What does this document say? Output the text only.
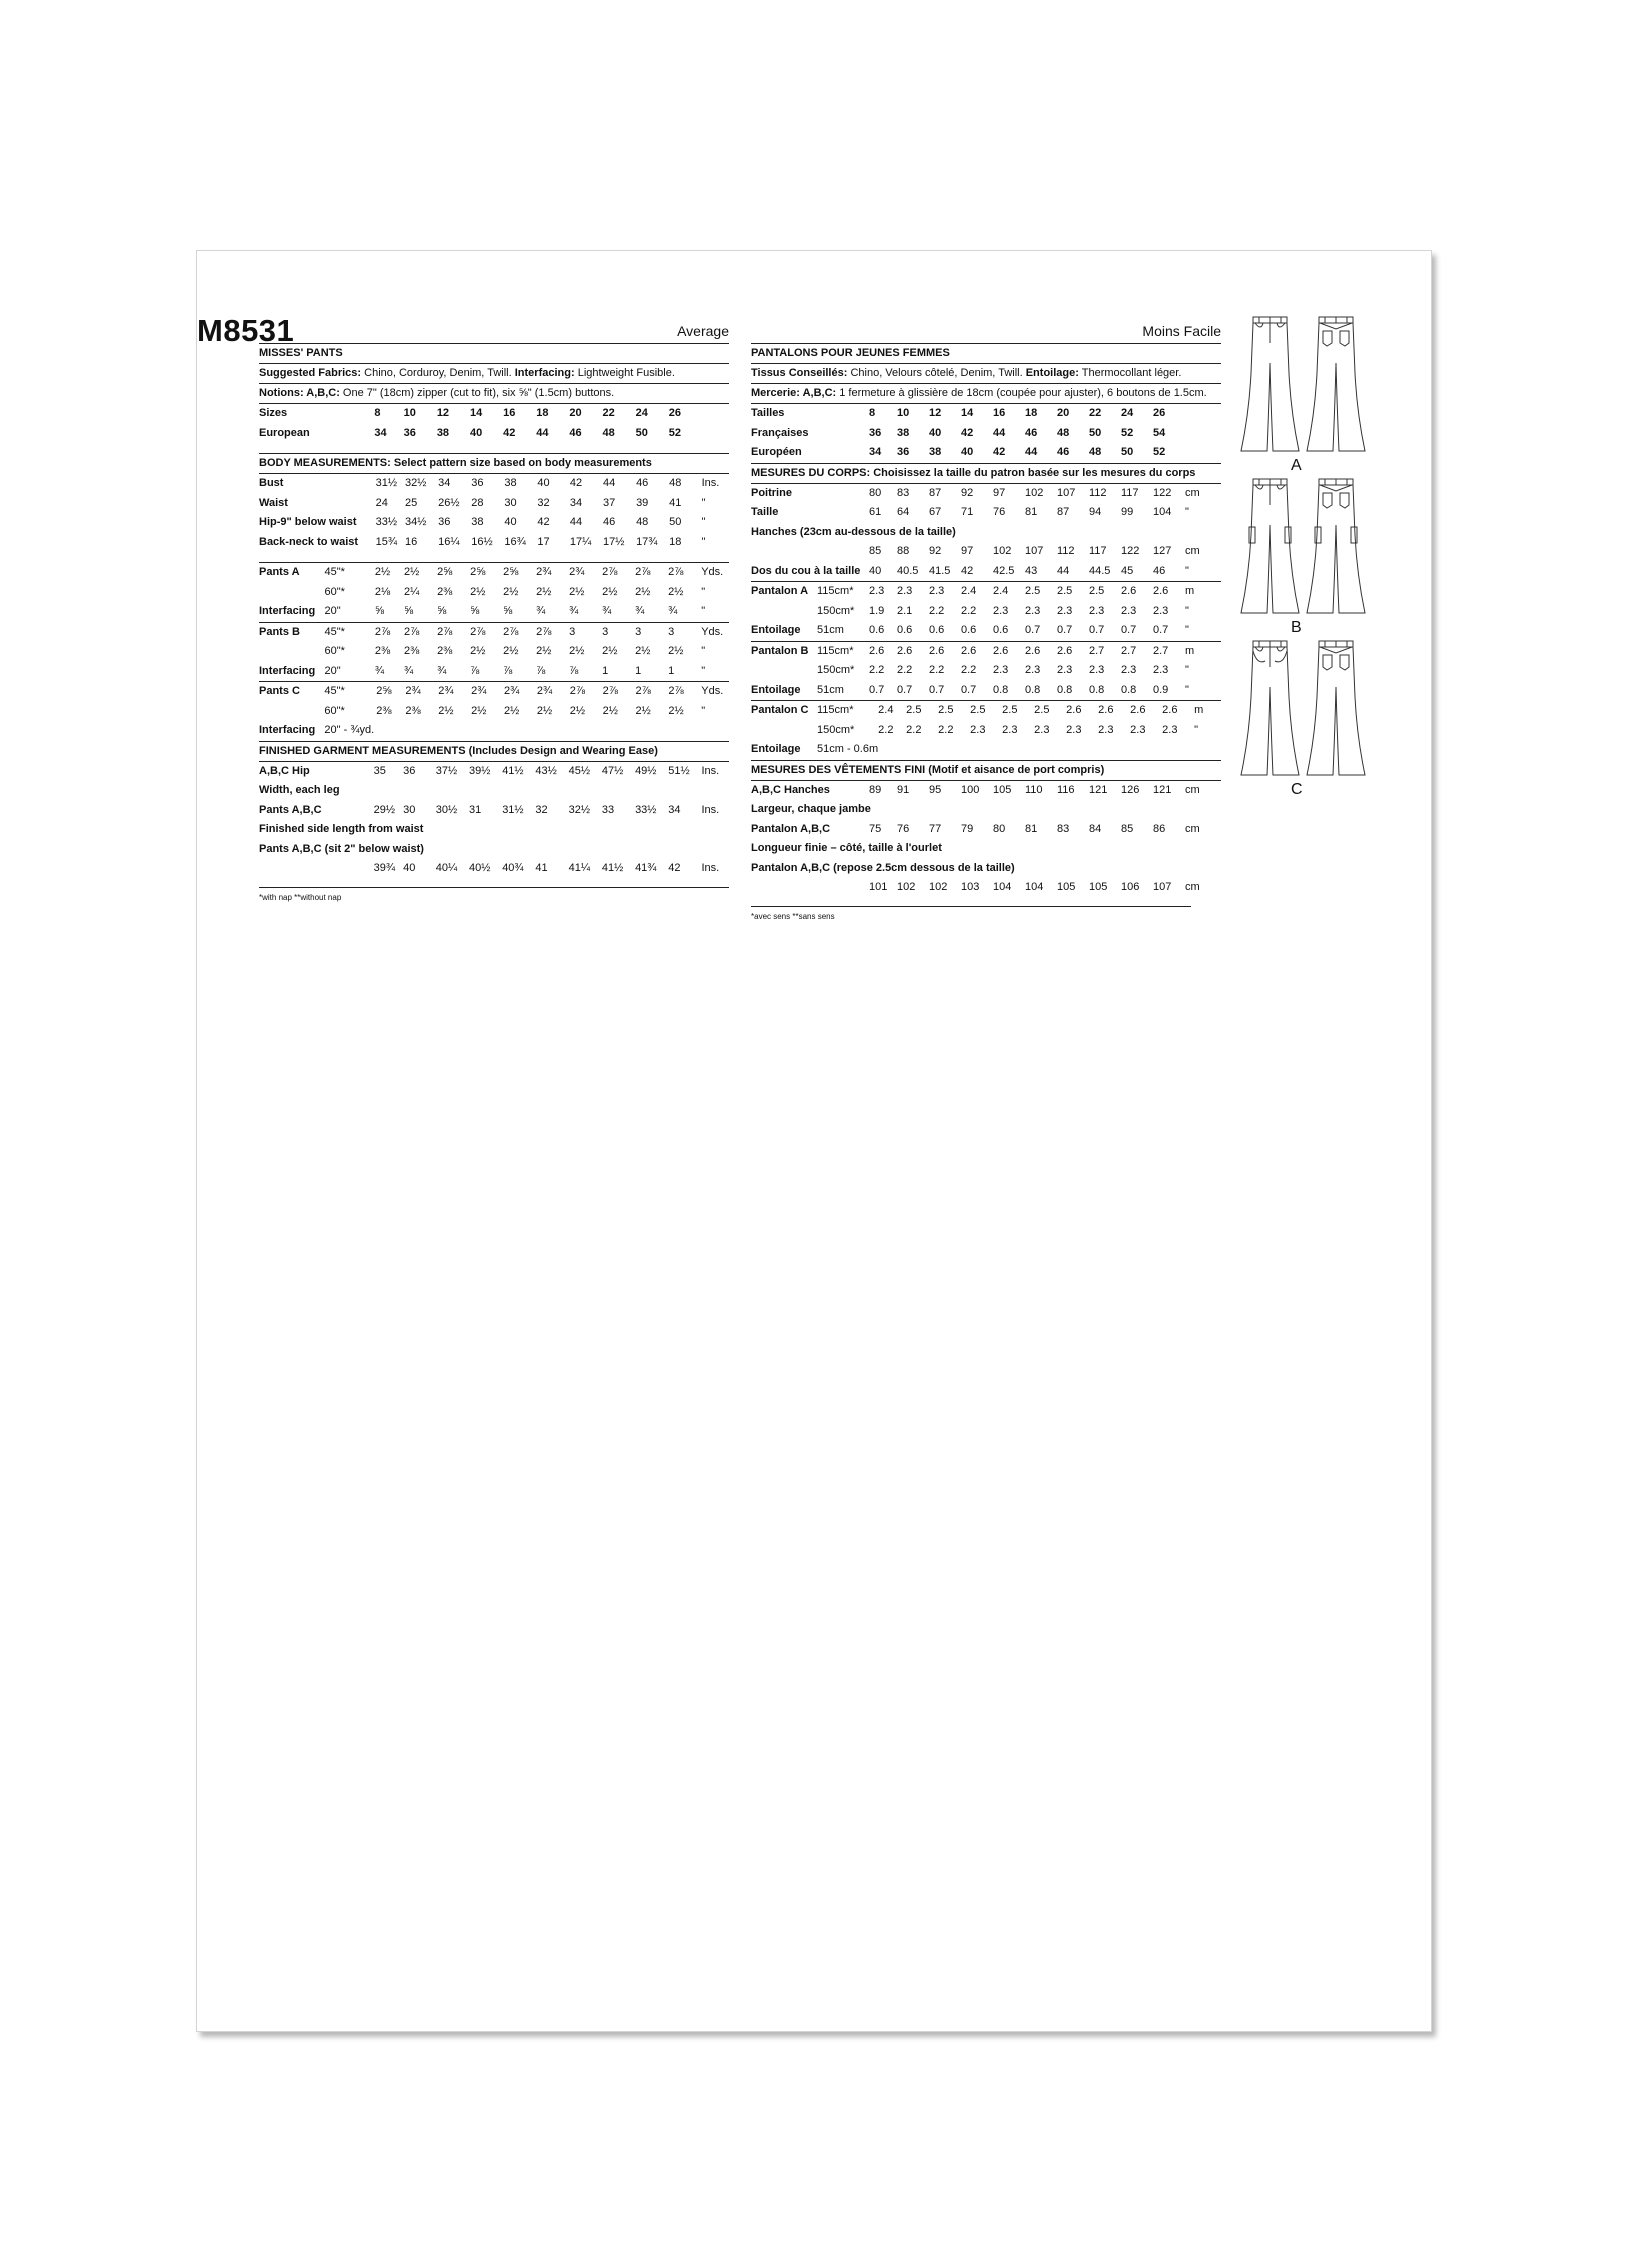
M8531	Average
MISSES' PANTS
Suggested Fabrics: Chino, Corduroy, Denim, Twill. Interfacing: Lightweight Fusible.
Notions: A,B,C: One 7" (18cm) zipper (cut to fit), six ⅝" (1.5cm) buttons.
Sizes	8	10	12	14	16	18	20	22	24	26	
European	34	36	38	40	42	44	46	48	50	52	
BODY MEASUREMENTS: Select pattern size based on body measurements
Bust	31½	32½	34	36	38	40	42	44	46	48	Ins.
Waist	24	25	26½	28	30	32	34	37	39	41	"
Hip-9" below waist	33½	34½	36	38	40	42	44	46	48	50	"
Back-neck to waist	15¾	16	16¼	16½	16¾	17	17¼	17½	17¾	18	"
Pants A	45"*	2½	2½	2⅝	2⅝	2⅝	2¾	2¾	2⅞	2⅞	2⅞	Yds.
	60"*	2⅛	2¼	2⅜	2½	2½	2½	2½	2½	2½	2½	"
Interfacing	20"	⅝	⅝	⅝	⅝	⅝	¾	¾	¾	¾	¾	"
Pants B	45"*	2⅞	2⅞	2⅞	2⅞	2⅞	2⅞	3	3	3	3	Yds.
	60"*	2⅜	2⅜	2⅜	2½	2½	2½	2½	2½	2½	2½	"
Interfacing	20"	¾	¾	¾	⅞	⅞	⅞	⅞	1	1	1	"
Pants C	45"*	2⅝	2¾	2¾	2¾	2¾	2¾	2⅞	2⅞	2⅞	2⅞	Yds.
	60"*	2⅜	2⅜	2½	2½	2½	2½	2½	2½	2½	2½	"
Interfacing	20" - ¾yd.											
FINISHED GARMENT MEASUREMENTS (Includes Design and Wearing Ease)
A,B,C Hip	35	36	37½	39½	41½	43½	45½	47½	49½	51½	Ins.
Width, each leg											
Pants A,B,C	29½	30	30½	31	31½	32	32½	33	33½	34	Ins.
Finished side length from waist											
Pants A,B,C (sit 2" below waist)											
	39¾	40	40¼	40½	40¾	41	41¼	41½	41¾	42	Ins.
*with nap **without nap
Moins Facile
PANTALONS POUR JEUNES FEMMES
Tissus Conseillés: Chino, Velours côtelé, Denim, Twill. Entoilage: Thermocollant léger.
Mercerie: A,B,C: 1 fermeture à glissière de 18cm (coupée pour ajuster), 6 boutons de 1.5cm.
Tailles	8	10	12	14	16	18	20	22	24	26	
Françaises	36	38	40	42	44	46	48	50	52	54	
Européen	34	36	38	40	42	44	46	48	50	52	
MESURES DU CORPS: Choisissez la taille du patron basée sur les mesures du corps
Poitrine	80	83	87	92	97	102	107	112	117	122	cm
Taille	61	64	67	71	76	81	87	94	99	104	"
Hanches (23cm au-dessous de la taille)											
	85	88	92	97	102	107	112	117	122	127	cm
Dos du cou à la taille	40	40.5	41.5	42	42.5	43	44	44.5	45	46	"
Pantalon A	115cm*	2.3	2.3	2.3	2.4	2.4	2.5	2.5	2.5	2.6	2.6	m
	150cm*	1.9	2.1	2.2	2.2	2.3	2.3	2.3	2.3	2.3	2.3	"
Entoilage	51cm	0.6	0.6	0.6	0.6	0.6	0.7	0.7	0.7	0.7	0.7	"
Pantalon B	115cm*	2.6	2.6	2.6	2.6	2.6	2.6	2.6	2.7	2.7	2.7	m
	150cm*	2.2	2.2	2.2	2.2	2.3	2.3	2.3	2.3	2.3	2.3	"
Entoilage	51cm	0.7	0.7	0.7	0.7	0.8	0.8	0.8	0.8	0.8	0.9	"
Pantalon C	115cm*	2.4	2.5	2.5	2.5	2.5	2.5	2.6	2.6	2.6	2.6	m
	150cm*	2.2	2.2	2.2	2.3	2.3	2.3	2.3	2.3	2.3	2.3	"
Entoilage	51cm - 0.6m											
MESURES DES VÊTEMENTS FINI (Motif et aisance de port compris)
A,B,C Hanches	89	91	95	100	105	110	116	121	126	121	cm
Largeur, chaque jambe											
Pantalon A,B,C	75	76	77	79	80	81	83	84	85	86	cm
Longueur finie – côté, taille à l'ourlet											
Pantalon A,B,C (repose 2.5cm dessous de la taille)											
	101	102	102	103	104	104	105	105	106	107	cm
*avec sens **sans sens
A
B
C
